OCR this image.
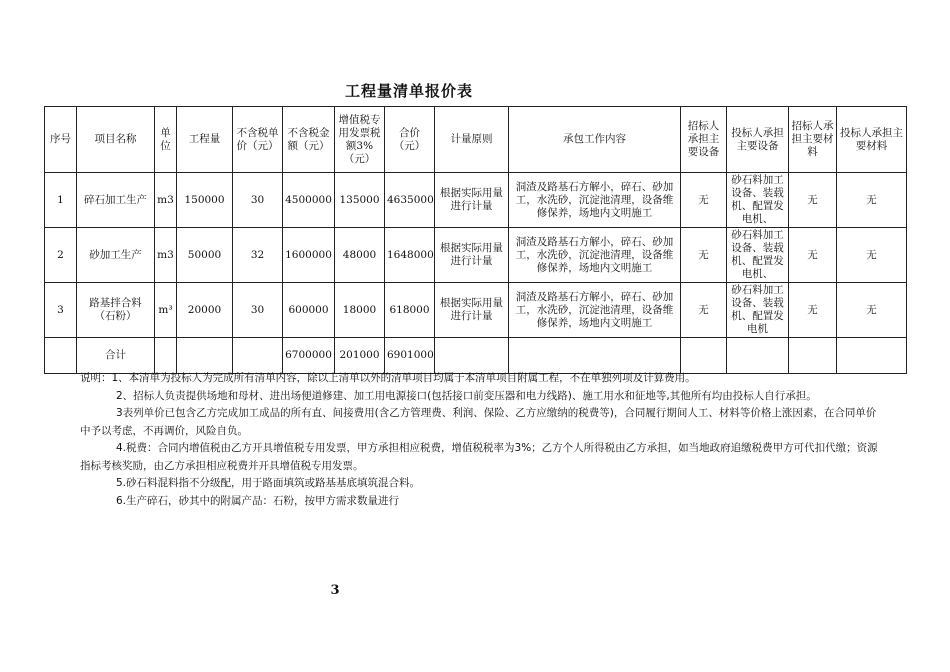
工程量清单报价表
序号	项目名称	单位	工程量	不含税单价（元）	不含税金额（元）	增值税专用发票税额3%（元）	合价（元）	计量原则	承包工作内容	招标人承担主要设备	投标人承担主要设备	招标人承担主要材料	投标人承担主要材料
1	碎石加工生产	m3	150000	30	4500000	135000	4635000	根据实际用量进行计量	洞渣及路基石方解小，碎石、砂加工，水洗砂，沉淀池清理，设备维修保养，场地内文明施工	无	砂石料加工设备、装载机、配置发电机、	无	无
2	砂加工生产	m3	50000	32	1600000	48000	1648000	根据实际用量进行计量	洞渣及路基石方解小，碎石、砂加工，水洗砂，沉淀池清理，设备维修保养，场地内文明施工	无	砂石料加工设备、装载机、配置发电机、	无	无
3	路基拌合料（石粉）	m³	20000	30	600000	18000	618000	根据实际用量进行计量	洞渣及路基石方解小，碎石、砂加工，水洗砂，沉淀池清理，设备维修保养，场地内文明施工	无	砂石料加工设备、装载机、配置发电机	无	无
	合计				6700000	201000	6901000						

说明：1、本清单为投标人为完成所有清单内容，除以上清单以外的清单项目均属于本清单项目附属工程，不在单独列项及计算费用。

2、招标人负责提供场地和母材、进出场便道修建、加工用电源接口(包括接口前变压器和电力线路)、施工用水和征地等,其他所有均由投标人自行承担。

3表列单价已包含乙方完成加工成品的所有直、间接费用(含乙方管理费、利润、保险、乙方应缴纳的税费等)，合同履行期间人工、材料等价格上涨因素，在合同单价中予以考虑，不再调价，风险自负。

4.税费：合同内增值税由乙方开具增值税专用发票，甲方承担相应税费，增值税税率为3%；乙方个人所得税由乙方承担，如当地政府追缴税费甲方可代扣代缴；资源指标考核奖励，由乙方承担相应税费并开具增值税专用发票。

5.砂石料混料指不分级配，用于路面填筑或路基基底填筑混合料。

6.生产碎石，砂其中的附属产品：石粉，按甲方需求数量进行

3
